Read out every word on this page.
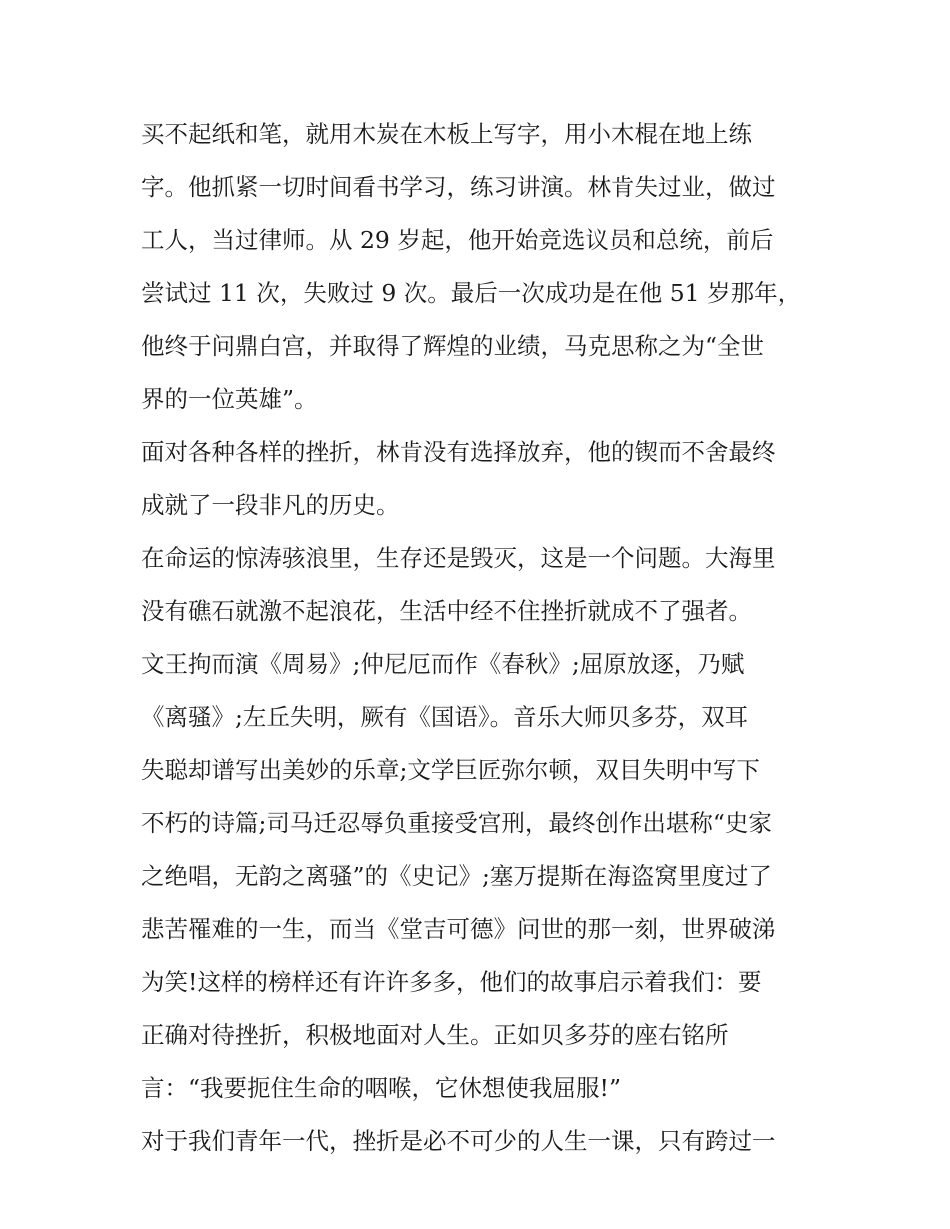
买不起纸和笔，就用木炭在木板上写字，用小木棍在地上练
字。他抓紧一切时间看书学习，练习讲演。林肯失过业，做过
工人，当过律师。从 29 岁起，他开始竞选议员和总统，前后
尝试过 11 次，失败过 9 次。最后一次成功是在他 51 岁那年，
他终于问鼎白宫，并取得了辉煌的业绩，马克思称之为“全世
界的一位英雄”。
面对各种各样的挫折，林肯没有选择放弃，他的锲而不舍最终
成就了一段非凡的历史。
在命运的惊涛骇浪里，生存还是毁灭，这是一个问题。大海里
没有礁石就激不起浪花，生活中经不住挫折就成不了强者。
文王拘而演《周易》;仲尼厄而作《春秋》;屈原放逐，乃赋
《离骚》;左丘失明，厥有《国语》。音乐大师贝多芬，双耳
失聪却谱写出美妙的乐章;文学巨匠弥尔顿，双目失明中写下
不朽的诗篇;司马迁忍辱负重接受宫刑，最终创作出堪称“史家
之绝唱，无韵之离骚”的《史记》;塞万提斯在海盗窝里度过了
悲苦罹难的一生，而当《堂吉可德》问世的那一刻，世界破涕
为笑!这样的榜样还有许许多多，他们的故事启示着我们：要
正确对待挫折，积极地面对人生。正如贝多芬的座右铭所
言：“我要扼住生命的咽喉，它休想使我屈服!”
对于我们青年一代，挫折是必不可少的人生一课，只有跨过一
